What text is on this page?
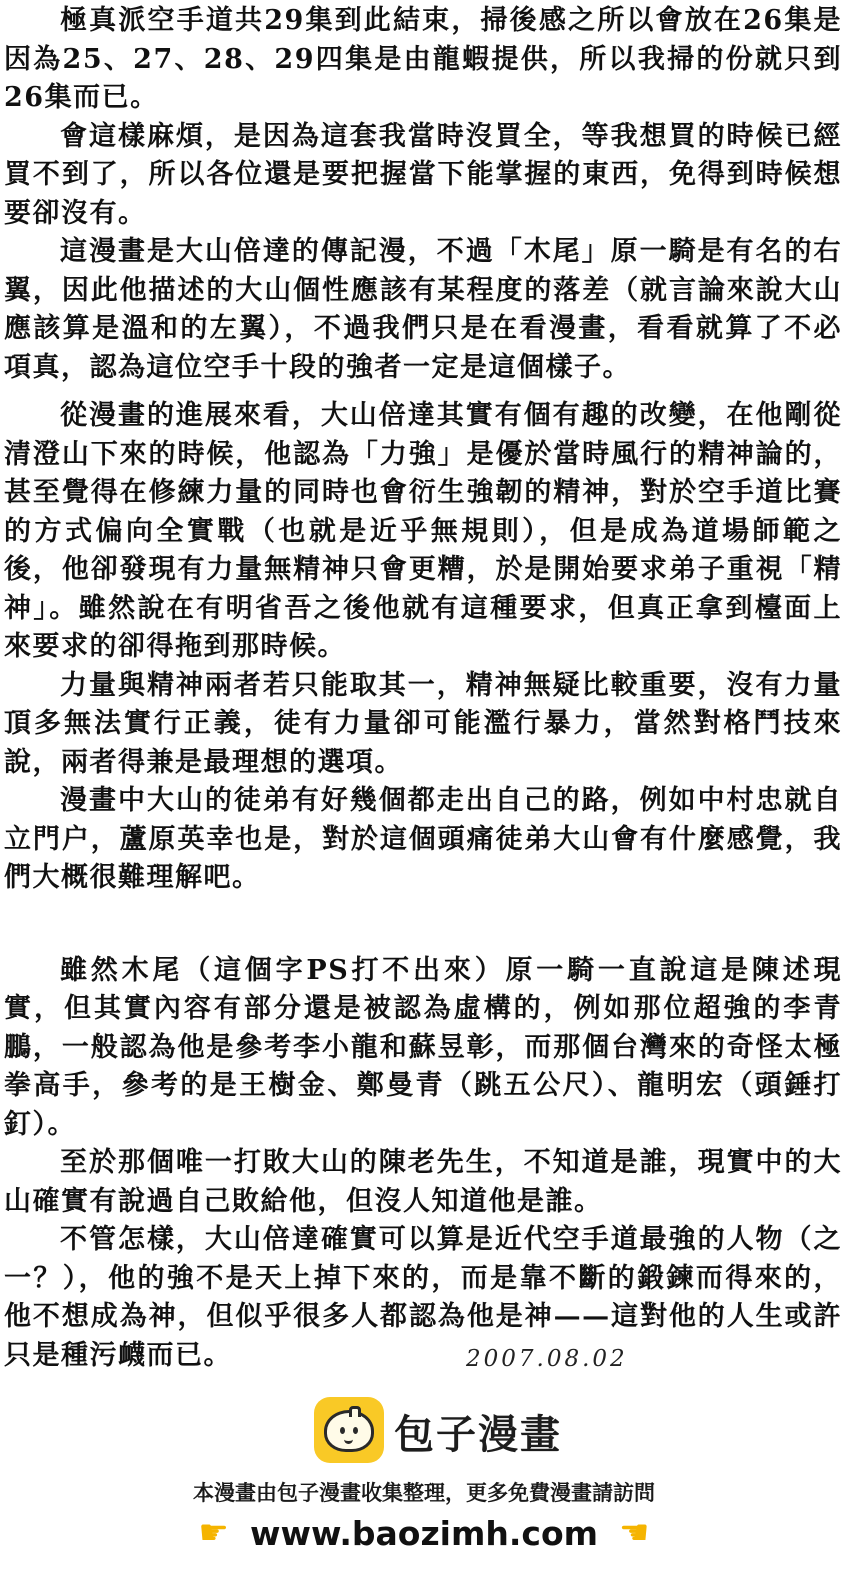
極真派空手道共29集到此結束，掃後感之所以會放在26集是因為25、27、28、29四集是由龍蝦提供，所以我掃的份就只到26集而已。

會這樣麻煩，是因為這套我當時沒買全，等我想買的時候已經買不到了，所以各位還是要把握當下能掌握的東西，免得到時候想要卻沒有。

這漫畫是大山倍達的傳記漫，不過「木尾」原一騎是有名的右翼，因此他描述的大山個性應該有某程度的落差（就言論來說大山應該算是溫和的左翼），不過我們只是在看漫畫，看看就算了不必項真，認為這位空手十段的強者一定是這個樣子。

從漫畫的進展來看，大山倍達其實有個有趣的改變，在他剛從清澄山下來的時候，他認為「力強」是優於當時風行的精神論的，甚至覺得在修練力量的同時也會衍生強韌的精神，對於空手道比賽的方式偏向全實戰（也就是近乎無規則），但是成為道場師範之後，他卻發現有力量無精神只會更糟，於是開始要求弟子重視「精神」。雖然說在有明省吾之後他就有這種要求，但真正拿到檯面上來要求的卻得拖到那時候。

力量與精神兩者若只能取其一，精神無疑比較重要，沒有力量頂多無法實行正義，徒有力量卻可能濫行暴力，當然對格鬥技來說，兩者得兼是最理想的選項。

漫畫中大山的徒弟有好幾個都走出自己的路，例如中村忠就自立門户，蘆原英幸也是，對於這個頭痛徒弟大山會有什麼感覺，我們大概很難理解吧。

雖然木尾（這個字PS打不出來）原一騎一直說這是陳述現實，但其實內容有部分還是被認為虛構的，例如那位超強的李青鵬，一般認為他是參考李小龍和蘇昱彰，而那個台灣來的奇怪太極拳高手，參考的是王樹金、鄭曼青（跳五公尺）、龍明宏（頭錘打釘）。

至於那個唯一打敗大山的陳老先生，不知道是誰，現實中的大山確實有說過自己敗給他，但沒人知道他是誰。

不管怎樣，大山倍達確實可以算是近代空手道最強的人物（之一？），他的強不是天上掉下來的，而是靠不斷的鍛鍊而得來的，他不想成為神，但似乎很多人都認為他是神——這對他的人生或許只是種污衊而已。	2007.08.02
包子漫畫
本漫畫由包子漫畫收集整理，更多免費漫畫請訪問
☛ www.baozimh.com ☛
